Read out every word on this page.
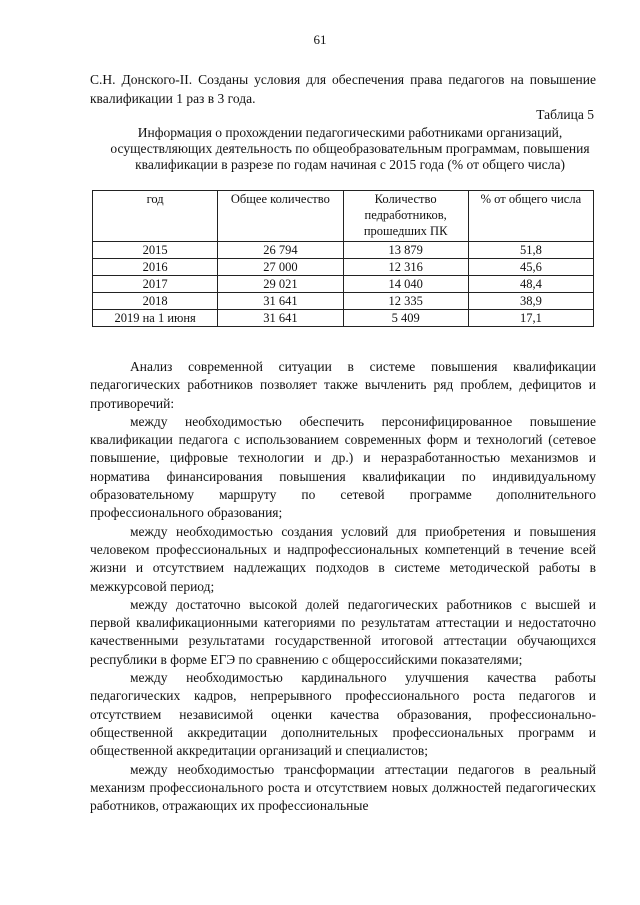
61
С.Н. Донского-II. Созданы условия для обеспечения права педагогов на повышение квалификации 1 раз в 3 года.
Таблица 5
Информация о прохождении педагогическими работниками организаций, осуществляющих деятельность по общеобразовательным программам, повышения квалификации в разрезе по годам начиная с 2015 года (% от общего числа)
год	Общее количество	Количество педработников, прошедших ПК	% от общего числа
2015	26 794	13 879	51,8
2016	27 000	12 316	45,6
2017	29 021	14 040	48,4
2018	31 641	12 335	38,9
2019 на 1 июня	31 641	5 409	17,1

Анализ современной ситуации в системе повышения квалификации педагогических работников позволяет также вычленить ряд проблем, дефицитов и противоречий:

между необходимостью обеспечить персонифицированное повышение квалификации педагога с использованием современных форм и технологий (сетевое повышение, цифровые технологии и др.) и неразработанностью механизмов и норматива финансирования повышения квалификации по индивидуальному образовательному маршруту по сетевой программе дополнительного профессионального образования;

между необходимостью создания условий для приобретения и повышения человеком профессиональных и надпрофессиональных компетенций в течение всей жизни и отсутствием надлежащих подходов в системе методической работы в межкурсовой период;

между достаточно высокой долей педагогических работников с высшей и первой квалификационными категориями по результатам аттестации и недостаточно качественными результатами государственной итоговой аттестации обучающихся республики в форме ЕГЭ по сравнению с общероссийскими показателями;

между необходимостью кардинального улучшения качества работы педагогических кадров, непрерывного профессионального роста педагогов и отсутствием независимой оценки качества образования, профессионально-общественной аккредитации дополнительных профессиональных программ и общественной аккредитации организаций и специалистов;

между необходимостью трансформации аттестации педагогов в реальный механизм профессионального роста и отсутствием новых должностей педагогических работников, отражающих их профессиональные
